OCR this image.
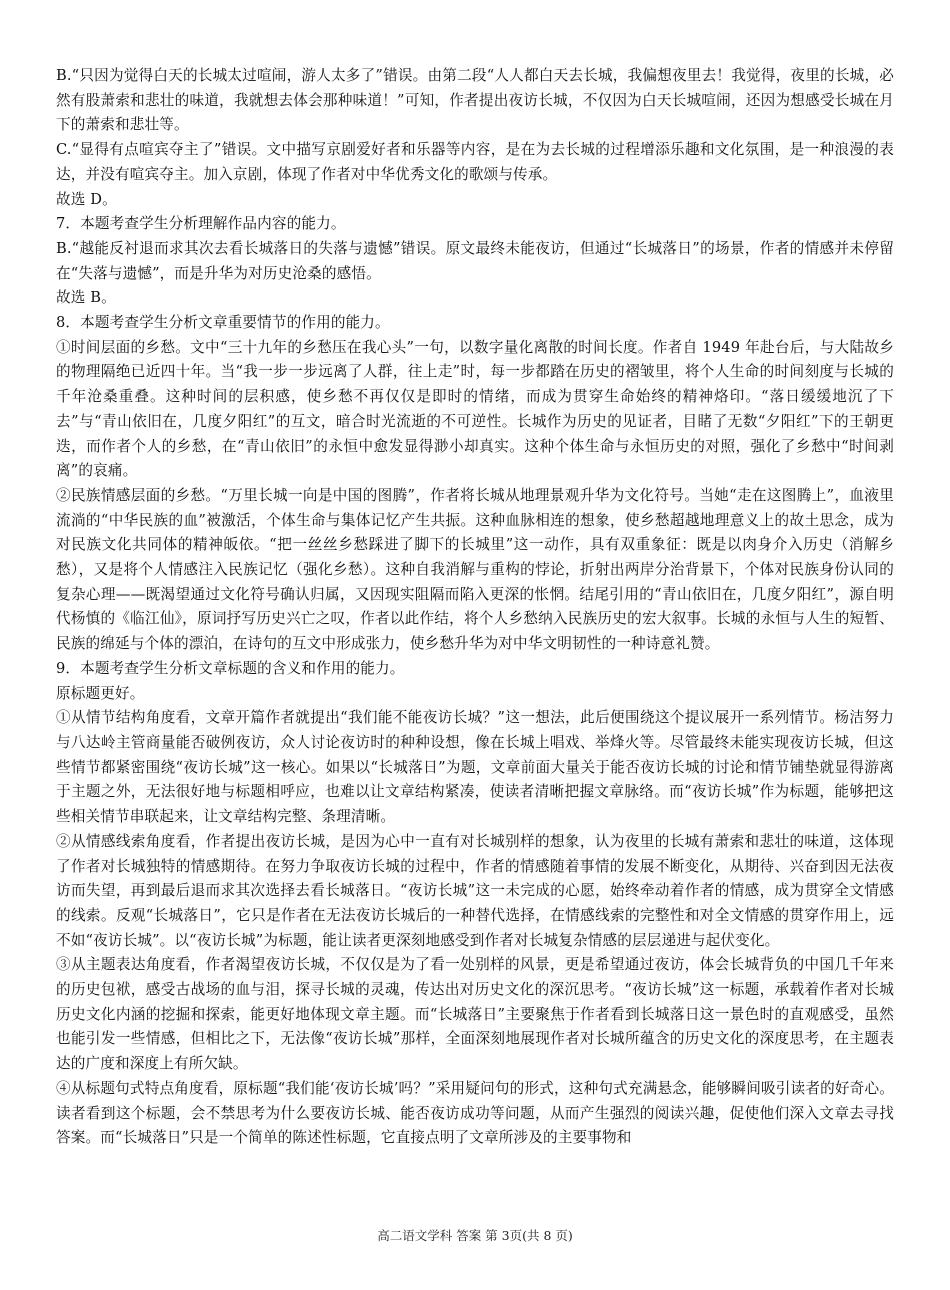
B.“只因为觉得白天的长城太过喧闹，游人太多了”错误。由第二段“人人都白天去长城，我偏想夜里去！我觉得，夜里的长城，必然有股萧索和悲壮的味道，我就想去体会那种味道！”可知，作者提出夜访长城，不仅因为白天长城喧闹，还因为想感受长城在月下的萧索和悲壮等。

C.“显得有点喧宾夺主了”错误。文中描写京剧爱好者和乐器等内容，是在为去长城的过程增添乐趣和文化氛围，是一种浪漫的表达，并没有喧宾夺主。加入京剧，体现了作者对中华优秀文化的歌颂与传承。

故选 D。

7．本题考查学生分析理解作品内容的能力。

B.“越能反衬退而求其次去看长城落日的失落与遗憾”错误。原文最终未能夜访，但通过“长城落日”的场景，作者的情感并未停留在“失落与遗憾”，而是升华为对历史沧桑的感悟。

故选 B。

8．本题考查学生分析文章重要情节的作用的能力。

①时间层面的乡愁。文中“三十九年的乡愁压在我心头”一句，以数字量化离散的时间长度。作者自 1949 年赴台后，与大陆故乡的物理隔绝已近四十年。当“我一步一步远离了人群，往上走”时，每一步都踏在历史的褶皱里，将个人生命的时间刻度与长城的千年沧桑重叠。这种时间的层积感，使乡愁不再仅仅是即时的情绪，而成为贯穿生命始终的精神烙印。“落日缓缓地沉了下去”与“青山依旧在，几度夕阳红”的互文，暗合时光流逝的不可逆性。长城作为历史的见证者，目睹了无数“夕阳红”下的王朝更迭，而作者个人的乡愁，在“青山依旧”的永恒中愈发显得渺小却真实。这种个体生命与永恒历史的对照，强化了乡愁中“时间剥离”的哀痛。

②民族情感层面的乡愁。“万里长城一向是中国的图腾”，作者将长城从地理景观升华为文化符号。当她“走在这图腾上”，血液里流淌的“中华民族的血”被激活，个体生命与集体记忆产生共振。这种血脉相连的想象，使乡愁超越地理意义上的故土思念，成为对民族文化共同体的精神皈依。“把一丝丝乡愁踩进了脚下的长城里”这一动作，具有双重象征：既是以肉身介入历史（消解乡愁），又是将个人情感注入民族记忆（强化乡愁）。这种自我消解与重构的悖论，折射出两岸分治背景下，个体对民族身份认同的复杂心理——既渴望通过文化符号确认归属，又因现实阻隔而陷入更深的怅惘。结尾引用的“青山依旧在，几度夕阳红”，源自明代杨慎的《临江仙》，原词抒写历史兴亡之叹，作者以此作结，将个人乡愁纳入民族历史的宏大叙事。长城的永恒与人生的短暂、民族的绵延与个体的漂泊，在诗句的互文中形成张力，使乡愁升华为对中华文明韧性的一种诗意礼赞。

9．本题考查学生分析文章标题的含义和作用的能力。

原标题更好。

①从情节结构角度看，文章开篇作者就提出“我们能不能夜访长城？”这一想法，此后便围绕这个提议展开一系列情节。杨洁努力与八达岭主管商量能否破例夜访，众人讨论夜访时的种种设想，像在长城上唱戏、举烽火等。尽管最终未能实现夜访长城，但这些情节都紧密围绕“夜访长城”这一核心。如果以“长城落日”为题，文章前面大量关于能否夜访长城的讨论和情节铺垫就显得游离于主题之外，无法很好地与标题相呼应，也难以让文章结构紧凑，使读者清晰把握文章脉络。而“夜访长城”作为标题，能够把这些相关情节串联起来，让文章结构完整、条理清晰。

②从情感线索角度看，作者提出夜访长城，是因为心中一直有对长城别样的想象，认为夜里的长城有萧索和悲壮的味道，这体现了作者对长城独特的情感期待。在努力争取夜访长城的过程中，作者的情感随着事情的发展不断变化，从期待、兴奋到因无法夜访而失望，再到最后退而求其次选择去看长城落日。“夜访长城”这一未完成的心愿，始终牵动着作者的情感，成为贯穿全文情感的线索。反观“长城落日”，它只是作者在无法夜访长城后的一种替代选择，在情感线索的完整性和对全文情感的贯穿作用上，远不如“夜访长城”。以“夜访长城”为标题，能让读者更深刻地感受到作者对长城复杂情感的层层递进与起伏变化。

③从主题表达角度看，作者渴望夜访长城，不仅仅是为了看一处别样的风景，更是希望通过夜访，体会长城背负的中国几千年来的历史包袱，感受古战场的血与泪，探寻长城的灵魂，传达出对历史文化的深沉思考。“夜访长城”这一标题，承载着作者对长城历史文化内涵的挖掘和探索，能更好地体现文章主题。而“长城落日”主要聚焦于作者看到长城落日这一景色时的直观感受，虽然也能引发一些情感，但相比之下，无法像“夜访长城”那样，全面深刻地展现作者对长城所蕴含的历史文化的深度思考，在主题表达的广度和深度上有所欠缺。

④从标题句式特点角度看，原标题“我们能‘夜访长城’吗？”采用疑问句的形式，这种句式充满悬念，能够瞬间吸引读者的好奇心。读者看到这个标题，会不禁思考为什么要夜访长城、能否夜访成功等问题，从而产生强烈的阅读兴趣，促使他们深入文章去寻找答案。而“长城落日”只是一个简单的陈述性标题，它直接点明了文章所涉及的主要事物和

高二语文学科 答案 第 3页(共 8 页)
